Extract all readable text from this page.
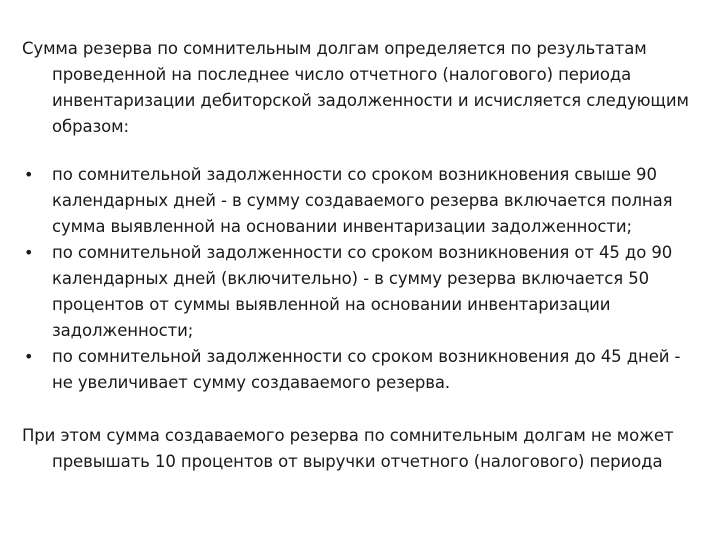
Сумма резерва по сомнительным долгам определяется по результатам проведенной на последнее число отчетного (налогового) периода инвентаризации дебиторской задолженности и исчисляется следующим образом:

•	по сомнительной задолженности со сроком возникновения свыше 90 календарных дней - в сумму создаваемого резерва включается полная сумма выявленной на основании инвентаризации задолженности;
•	по сомнительной задолженности со сроком возникновения от 45 до 90 календарных дней (включительно) - в сумму резерва включается 50 процентов от суммы выявленной на основании инвентаризации задолженности;
•	по сомнительной задолженности со сроком возникновения до 45 дней - не увеличивает сумму создаваемого резерва.

При этом сумма создаваемого резерва по сомнительным долгам не может превышать 10 процентов от выручки отчетного (налогового) периода
